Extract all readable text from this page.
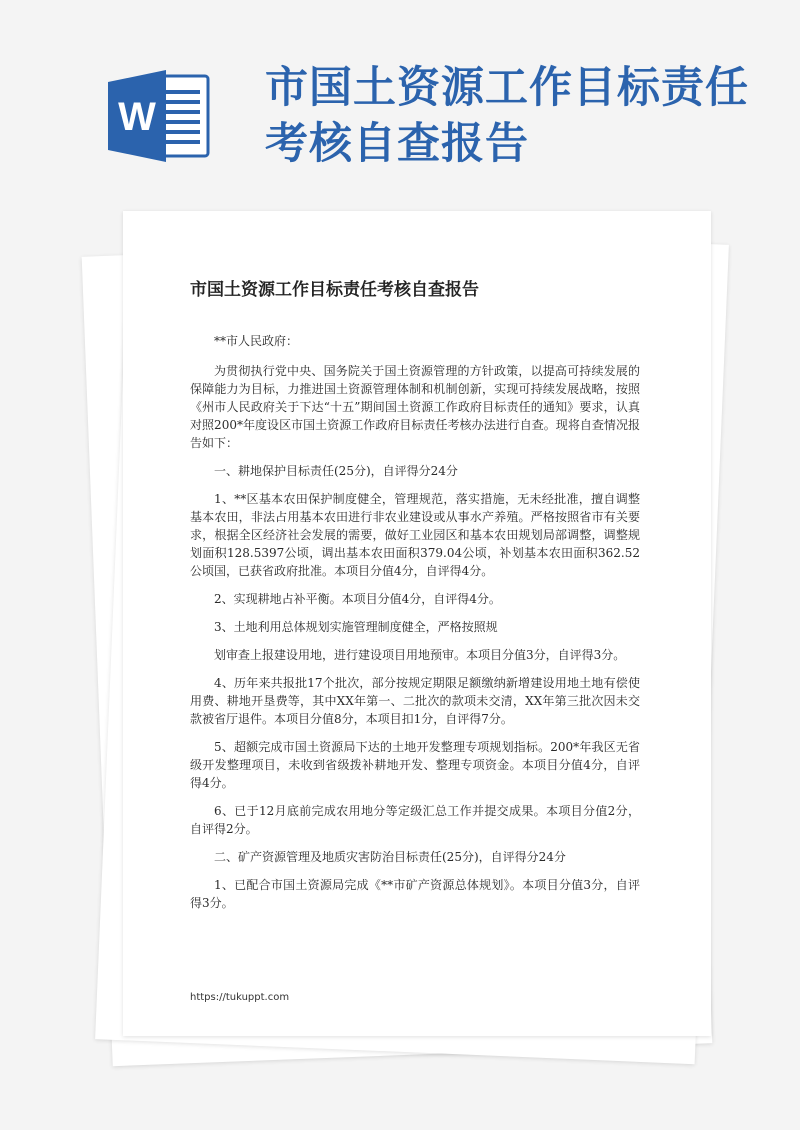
W
市国土资源工作目标责任考核自查报告
市国土资源工作目标责任考核自查报告

**市人民政府：

为贯彻执行党中央、国务院关于国土资源管理的方针政策，以提高可持续发展的保障能力为目标，力推进国土资源管理体制和机制创新，实现可持续发展战略，按照《州市人民政府关于下达“十五”期间国土资源工作政府目标责任的通知》要求，认真对照200*年度设区市国土资源工作政府目标责任考核办法进行自查。现将自查情况报告如下：

一、耕地保护目标责任(25分)，自评得分24分

1、**区基本农田保护制度健全，管理规范，落实措施，无未经批准，擅自调整基本农田，非法占用基本农田进行非农业建设或从事水产养殖。严格按照省市有关要求，根据全区经济社会发展的需要，做好工业园区和基本农田规划局部调整，调整规划面积128.5397公顷，调出基本农田面积379.04公顷，补划基本农田面积362.52公顷国，已获省政府批准。本项目分值4分，自评得4分。

2、实现耕地占补平衡。本项目分值4分，自评得4分。

3、土地利用总体规划实施管理制度健全，严格按照规

划审查上报建设用地，进行建设项目用地预审。本项目分值3分，自评得3分。

4、历年来共报批17个批次，部分按规定期限足额缴纳新增建设用地土地有偿使用费、耕地开垦费等，其中XX年第一、二批次的款项未交清，XX年第三批次因未交款被省厅退件。本项目分值8分，本项目扣1分，自评得7分。

5、超额完成市国土资源局下达的土地开发整理专项规划指标。200*年我区无省级开发整理项目，未收到省级拨补耕地开发、整理专项资金。本项目分值4分，自评得4分。

6、已于12月底前完成农用地分等定级汇总工作并提交成果。本项目分值2分，自评得2分。

二、矿产资源管理及地质灾害防治目标责任(25分)，自评得分24分

1、已配合市国土资源局完成《**市矿产资源总体规划》。本项目分值3分，自评得3分。

https://tukuppt.com
